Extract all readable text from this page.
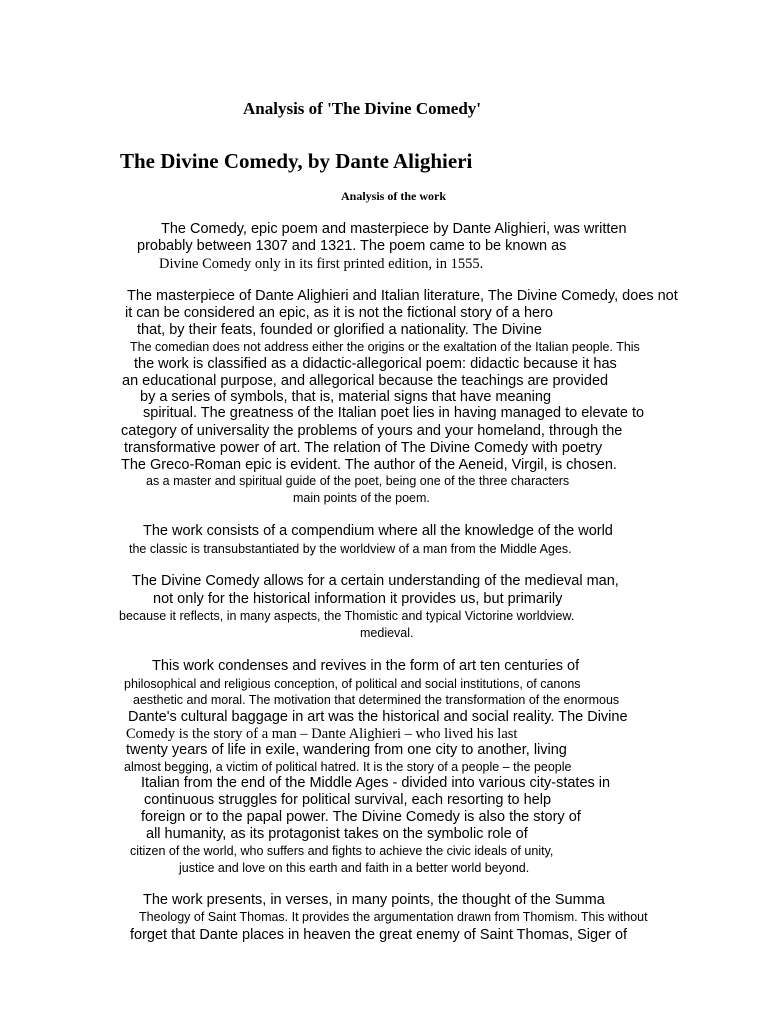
Analysis of 'The Divine Comedy'
The Divine Comedy, by Dante Alighieri
Analysis of the work
The Comedy, epic poem and masterpiece by Dante Alighieri, was written
probably between 1307 and 1321. The poem came to be known as
Divine Comedy only in its first printed edition, in 1555.
The masterpiece of Dante Alighieri and Italian literature, The Divine Comedy, does not
it can be considered an epic, as it is not the fictional story of a hero
that, by their feats, founded or glorified a nationality. The Divine
The comedian does not address either the origins or the exaltation of the Italian people. This
the work is classified as a didactic-allegorical poem: didactic because it has
an educational purpose, and allegorical because the teachings are provided
by a series of symbols, that is, material signs that have meaning
spiritual. The greatness of the Italian poet lies in having managed to elevate to
category of universality the problems of yours and your homeland, through the
transformative power of art. The relation of The Divine Comedy with poetry
The Greco-Roman epic is evident. The author of the Aeneid, Virgil, is chosen.
as a master and spiritual guide of the poet, being one of the three characters
main points of the poem.
The work consists of a compendium where all the knowledge of the world
the classic is transubstantiated by the worldview of a man from the Middle Ages.
The Divine Comedy allows for a certain understanding of the medieval man,
not only for the historical information it provides us, but primarily
because it reflects, in many aspects, the Thomistic and typical Victorine worldview.
medieval.
This work condenses and revives in the form of art ten centuries of
philosophical and religious conception, of political and social institutions, of canons
aesthetic and moral. The motivation that determined the transformation of the enormous
Dante's cultural baggage in art was the historical and social reality. The Divine
Comedy is the story of a man – Dante Alighieri – who lived his last
twenty years of life in exile, wandering from one city to another, living
almost begging, a victim of political hatred. It is the story of a people – the people
Italian from the end of the Middle Ages - divided into various city-states in
continuous struggles for political survival, each resorting to help
foreign or to the papal power. The Divine Comedy is also the story of
all humanity, as its protagonist takes on the symbolic role of
citizen of the world, who suffers and fights to achieve the civic ideals of unity,
justice and love on this earth and faith in a better world beyond.
The work presents, in verses, in many points, the thought of the Summa
Theology of Saint Thomas. It provides the argumentation drawn from Thomism. This without
forget that Dante places in heaven the great enemy of Saint Thomas, Siger of
